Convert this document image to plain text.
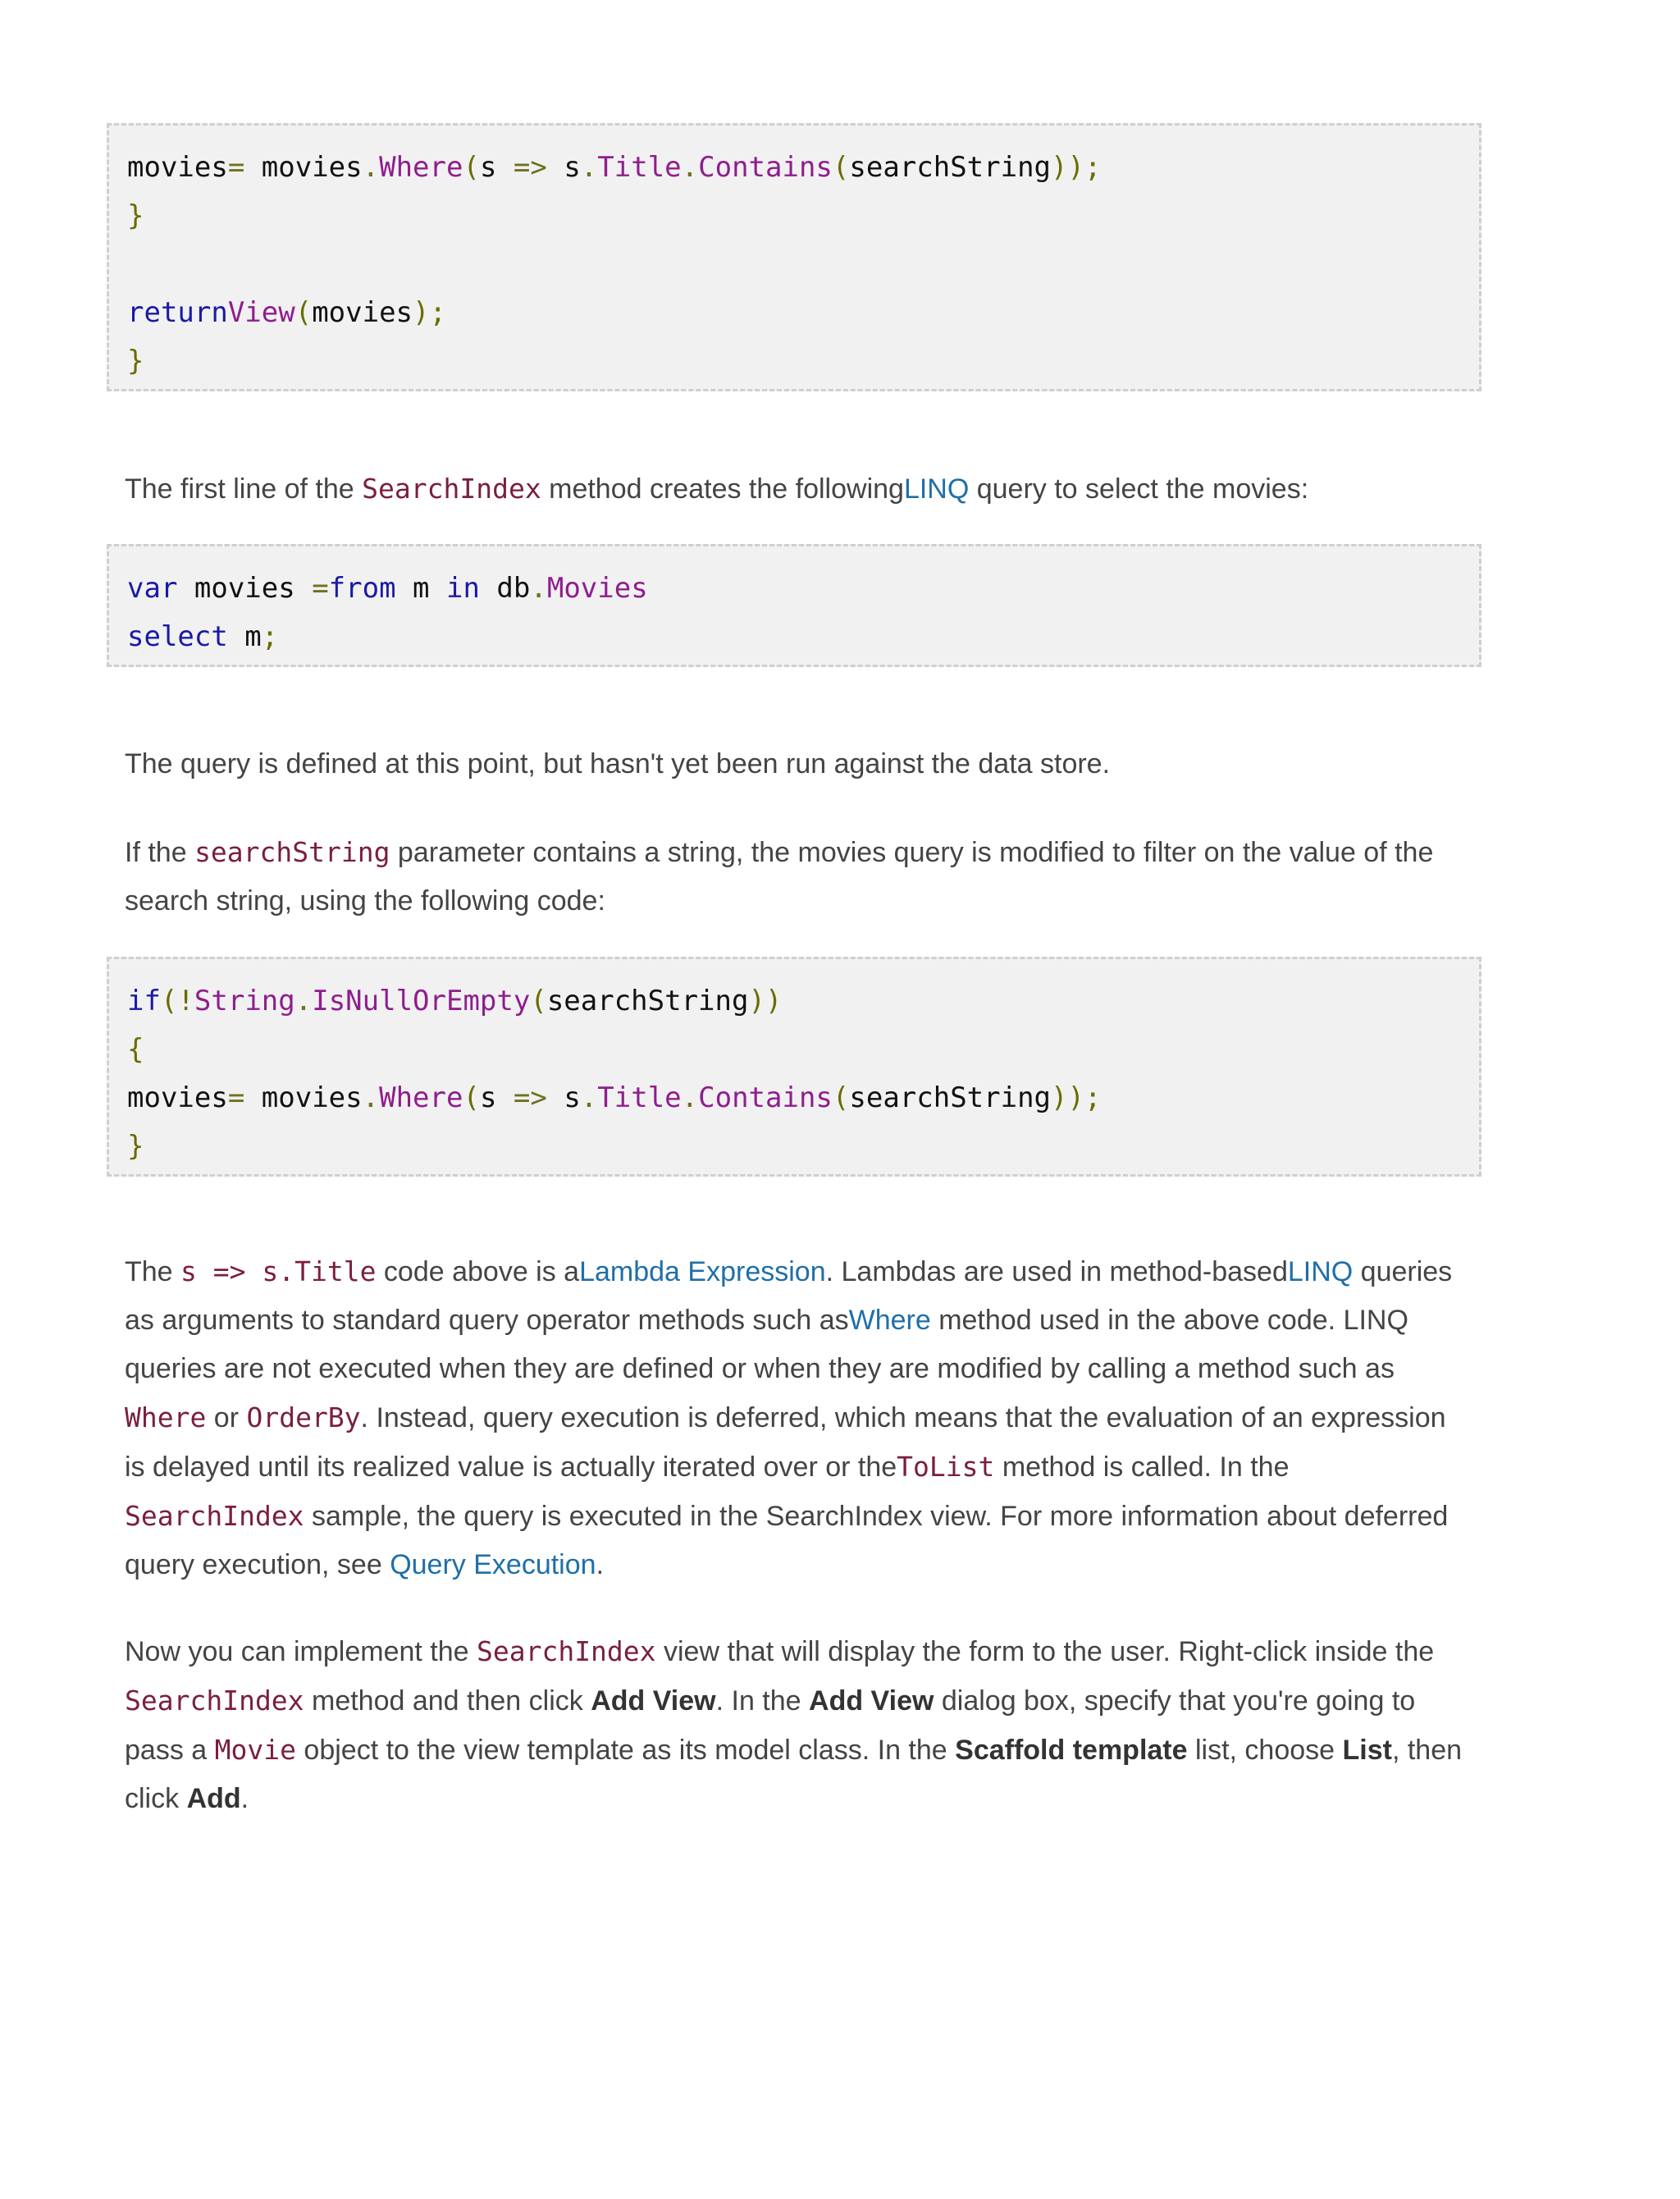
movies= movies.Where(s => s.Title.Contains(searchString));
}
returnView(movies);
}
The first line of the SearchIndex method creates the followingLINQ query to select the movies:
var movies =from m in db.Movies
select m;
The query is defined at this point, but hasn't yet been run against the data store.
If the searchString parameter contains a string, the movies query is modified to filter on the value of the search string, using the following code:
if(!String.IsNullOrEmpty(searchString))
{
movies= movies.Where(s => s.Title.Contains(searchString));
}
The s => s.Title code above is aLambda Expression. Lambdas are used in method-basedLINQ queries as arguments to standard query operator methods such asWhere method used in the above code. LINQ queries are not executed when they are defined or when they are modified by calling a method such as Where or OrderBy. Instead, query execution is deferred, which means that the evaluation of an expression is delayed until its realized value is actually iterated over or theToList method is called. In the SearchIndex sample, the query is executed in the SearchIndex view. For more information about deferred query execution, see Query Execution.
Now you can implement the SearchIndex view that will display the form to the user. Right-click inside the SearchIndex method and then click Add View. In the Add View dialog box, specify that you're going to pass a Movie object to the view template as its model class. In the Scaffold template list, choose List, then click Add.
